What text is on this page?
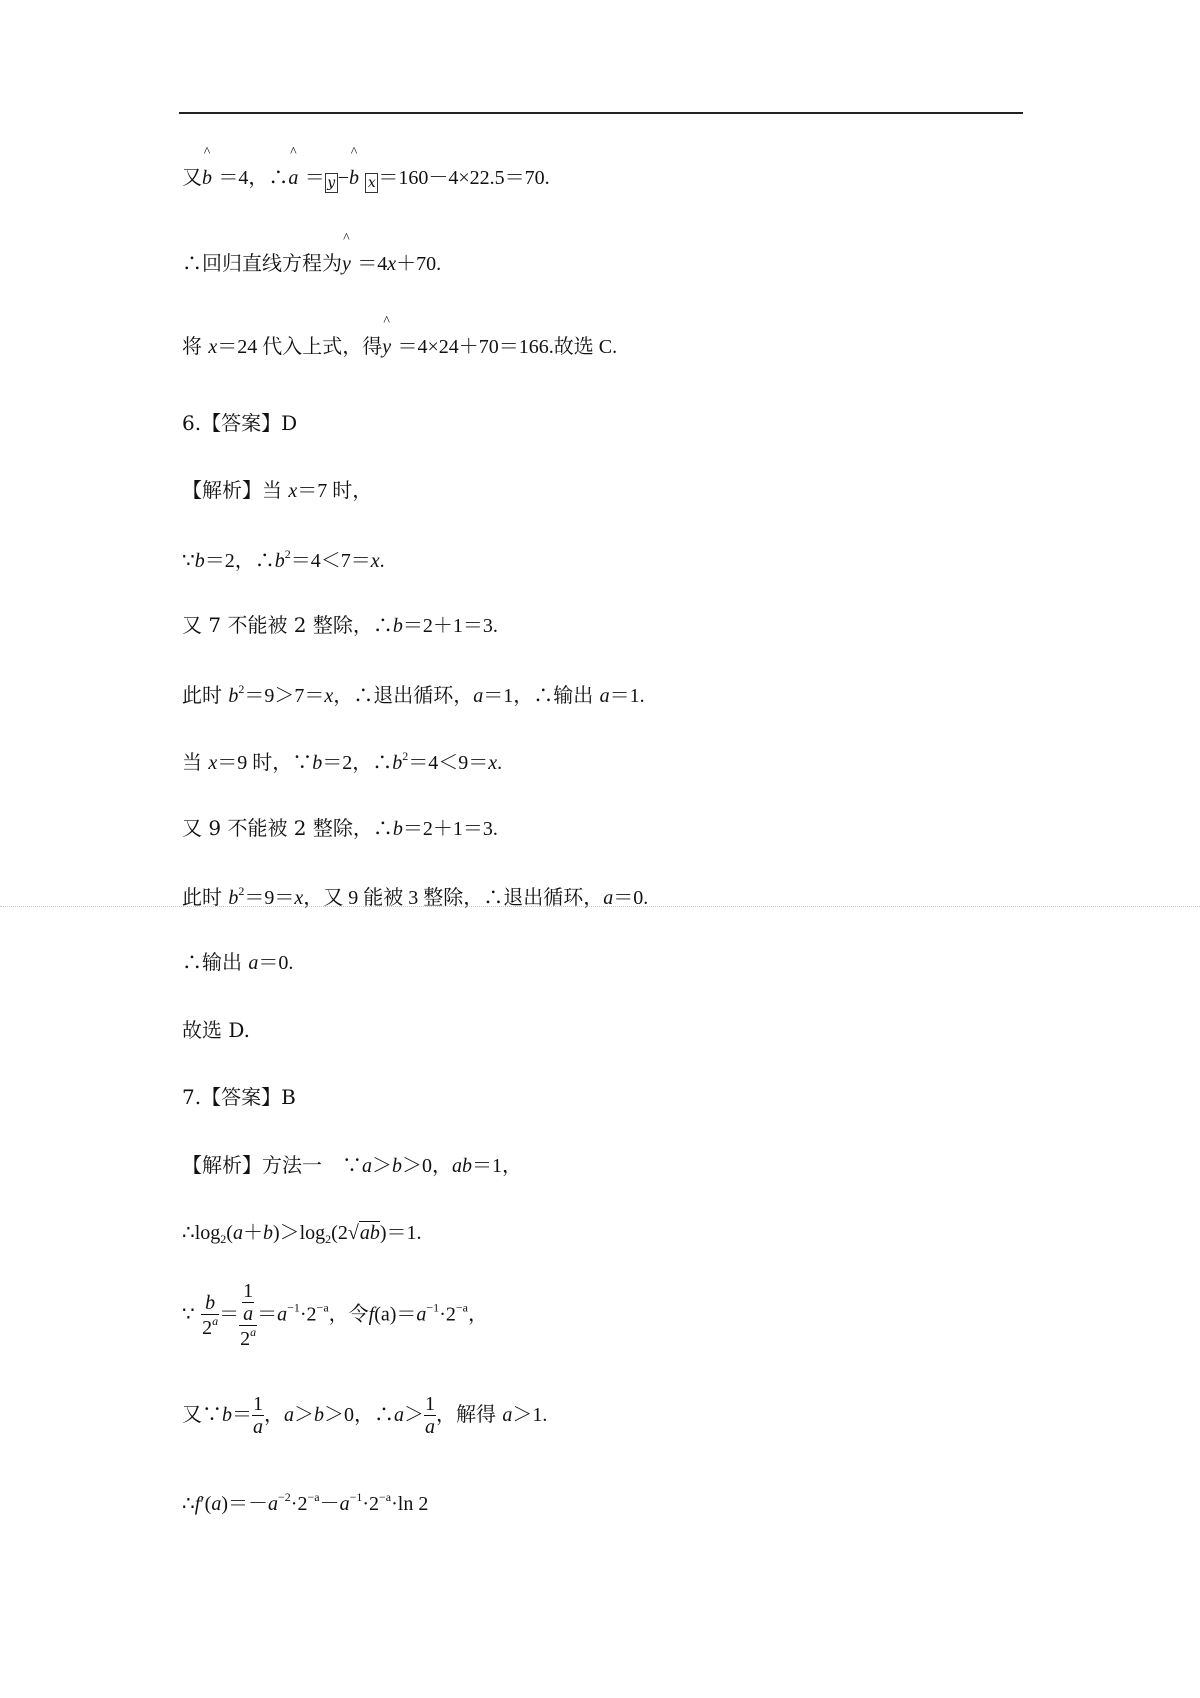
又^ b ＝4，∴^ a ＝ y −^ b x ＝160－4×22.5＝70.
∴回归直线方程为^ y ＝4x＋70.
将 x＝24 代入上式，得^ y ＝4×24＋70＝166.故选 C.
6.【答案】D
【解析】当 x＝7 时，
∵b＝2，$\therefore b^2=4<7=x$.
又 7 不能被 2 整除，∴b＝2＋1＝3.
此时 $b^2=9>7=x$，∴退出循环，a＝1，∴输出 a＝1.
当 x＝9 时，∵b＝2，$\therefore b^2=4<9=x$.
又 9 不能被 2 整除，∴b＝2＋1＝3.
此时 $b^2=9=x$，又 9 能被 3 整除，∴退出循环，a＝0.
∴输出 a＝0.
故选 D.
7.【答案】B
【解析】方法一　∵a＞b＞0，ab＝1，
$\therefore\log_2(a+b)>\log_2(2√ab)=1$.
∵ $\frac{b}{2^a} = \frac{\frac{1}{a}}{2^a} =a^{-1}\cdot 2^{-a}$，令$f(a)=a^{-1}\cdot 2^{-a}$，
又∵b＝ $\frac{1}{a}$ ，a＞b＞0，∴a＞ $\frac{1}{a}$ ，解得 a＞1.
$\therefore f'(a)=-a^{-2}\cdot 2^{-a}-a^{-1}\cdot 2^{-a}\cdot\ln$ 2
